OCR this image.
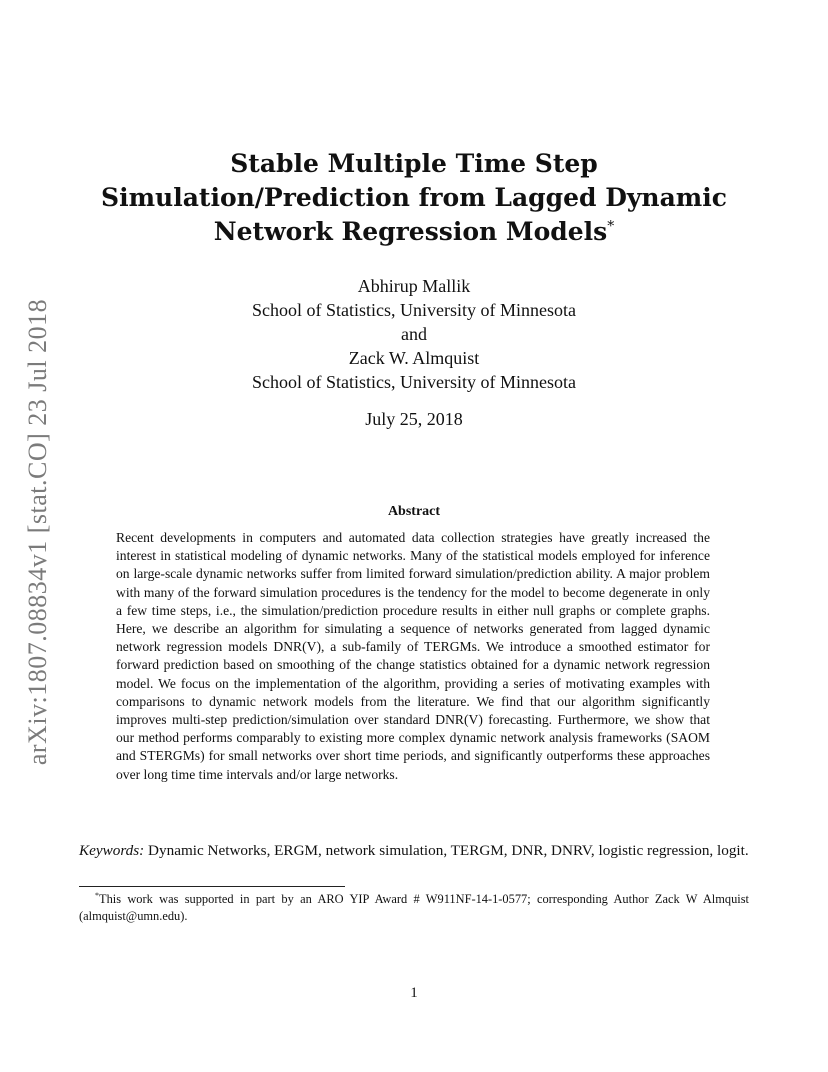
arXiv:1807.08834v1 [stat.CO] 23 Jul 2018
Stable Multiple Time Step
Simulation/Prediction from Lagged Dynamic
Network Regression Models*
Abhirup Mallik
School of Statistics, University of Minnesota
and
Zack W. Almquist
School of Statistics, University of Minnesota
July 25, 2018
Abstract

Recent developments in computers and automated data collection strategies have greatly increased the interest in statistical modeling of dynamic networks. Many of the statistical models employed for inference on large-scale dynamic networks suffer from limited forward simulation/prediction ability. A major problem with many of the forward simulation procedures is the tendency for the model to become degenerate in only a few time steps, i.e., the simulation/prediction procedure results in either null graphs or complete graphs. Here, we describe an algorithm for simulating a sequence of networks generated from lagged dynamic network regression models DNR(V), a sub-family of TERGMs. We introduce a smoothed estimator for forward prediction based on smoothing of the change statistics obtained for a dynamic network regression model. We focus on the implementation of the algorithm, providing a series of motivating examples with comparisons to dynamic network models from the literature. We find that our algorithm significantly improves multi-step prediction/simulation over standard DNR(V) forecasting. Furthermore, we show that our method performs comparably to existing more complex dynamic network analysis frameworks (SAOM and STERGMs) for small networks over short time periods, and significantly outperforms these approaches over long time time intervals and/or large networks.

Keywords: Dynamic Networks, ERGM, network simulation, TERGM, DNR, DNRV, logistic regression, logit.

*This work was supported in part by an ARO YIP Award # W911NF-14-1-0577; corresponding Author Zack W Almquist (almquist@umn.edu).

1
